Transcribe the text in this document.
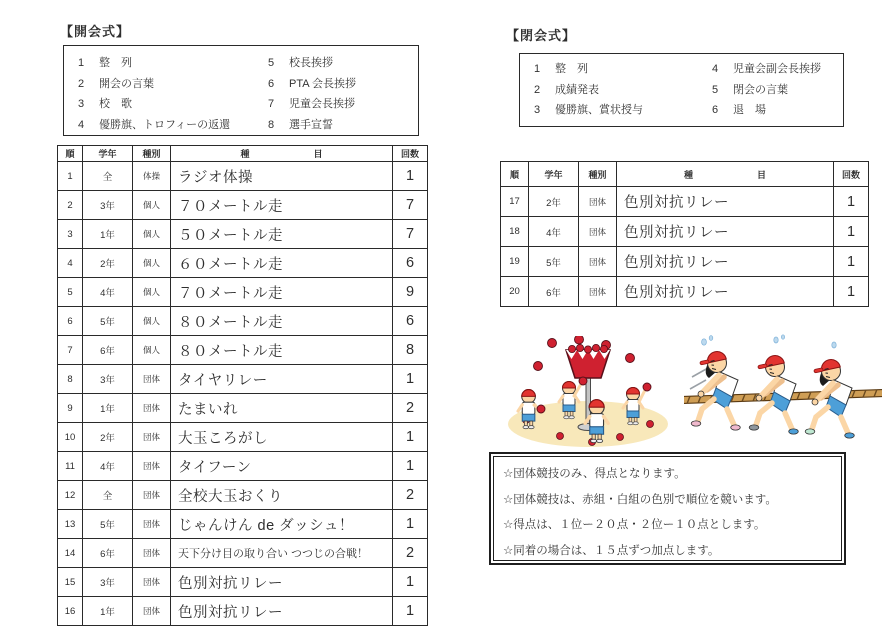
【開会式】
1 整　列
2 開会の言葉
3 校　歌
4 優勝旗、トロフィーの返還
5 校長挨拶
6 PTA 会長挨拶
7 児童会長挨拶
8 選手宣誓
順	学年	種別	種 目	回数
1	全	体操	ラジオ体操	1
2	3年	個人	７０メートル走	7
3	1年	個人	５０メートル走	7
4	2年	個人	６０メートル走	6
5	4年	個人	７０メートル走	9
6	5年	個人	８０メートル走	6
7	6年	個人	８０メートル走	8
8	3年	団体	タイヤリレー	1
9	1年	団体	たまいれ	2
10	2年	団体	大玉ころがし	1
11	4年	団体	タイフーン	1
12	全	団体	全校大玉おくり	2
13	5年	団体	じゃんけん de ダッシュ！	1
14	6年	団体	天下分け目の取り合い つつじの合戦！	2
15	3年	団体	色別対抗リレー	1
16	1年	団体	色別対抗リレー	1
【閉会式】
1 整　列
2 成績発表
3 優勝旗、賞状授与
4 児童会副会長挨拶
5 閉会の言葉
6 退　場
順	学年	種別	種 目	回数
17	2年	団体	色別対抗リレー	1
18	4年	団体	色別対抗リレー	1
19	5年	団体	色別対抗リレー	1
20	6年	団体	色別対抗リレー	1

☆団体競技のみ、得点となります。

☆団体競技は、赤組・白組の色別で順位を競います。

☆得点は、１位ー２０点・２位ー１０点とします。

☆同着の場合は、１５点ずつ加点します。
